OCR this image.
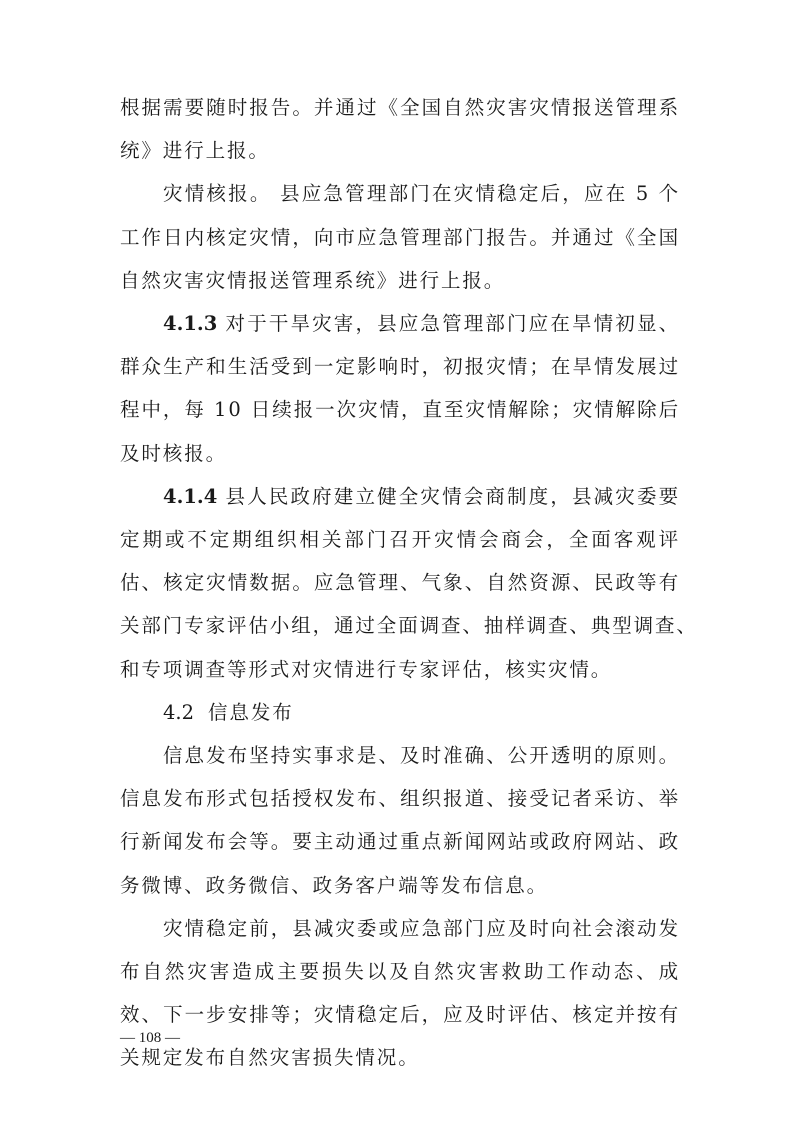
根据需要随时报告。并通过《全国自然灾害灾情报送管理系
统》进行上报。
灾情核报。 县应急管理部门在灾情稳定后，应在 5 个
工作日内核定灾情，向市应急管理部门报告。并通过《全国
自然灾害灾情报送管理系统》进行上报。
4.1.3 对于干旱灾害，县应急管理部门应在旱情初显、
群众生产和生活受到一定影响时，初报灾情；在旱情发展过
程中，每 10 日续报一次灾情，直至灾情解除；灾情解除后
及时核报。
4.1.4 县人民政府建立健全灾情会商制度，县减灾委要
定期或不定期组织相关部门召开灾情会商会，全面客观评
估、核定灾情数据。应急管理、气象、自然资源、民政等有
关部门专家评估小组，通过全面调查、抽样调查、典型调查、
和专项调查等形式对灾情进行专家评估，核实灾情。
4.2 信息发布
信息发布坚持实事求是、及时准确、公开透明的原则。
信息发布形式包括授权发布、组织报道、接受记者采访、举
行新闻发布会等。要主动通过重点新闻网站或政府网站、政
务微博、政务微信、政务客户端等发布信息。
灾情稳定前，县减灾委或应急部门应及时向社会滚动发
布自然灾害造成主要损失以及自然灾害救助工作动态、成
效、下一步安排等；灾情稳定后，应及时评估、核定并按有
关规定发布自然灾害损失情况。
— 108 —
